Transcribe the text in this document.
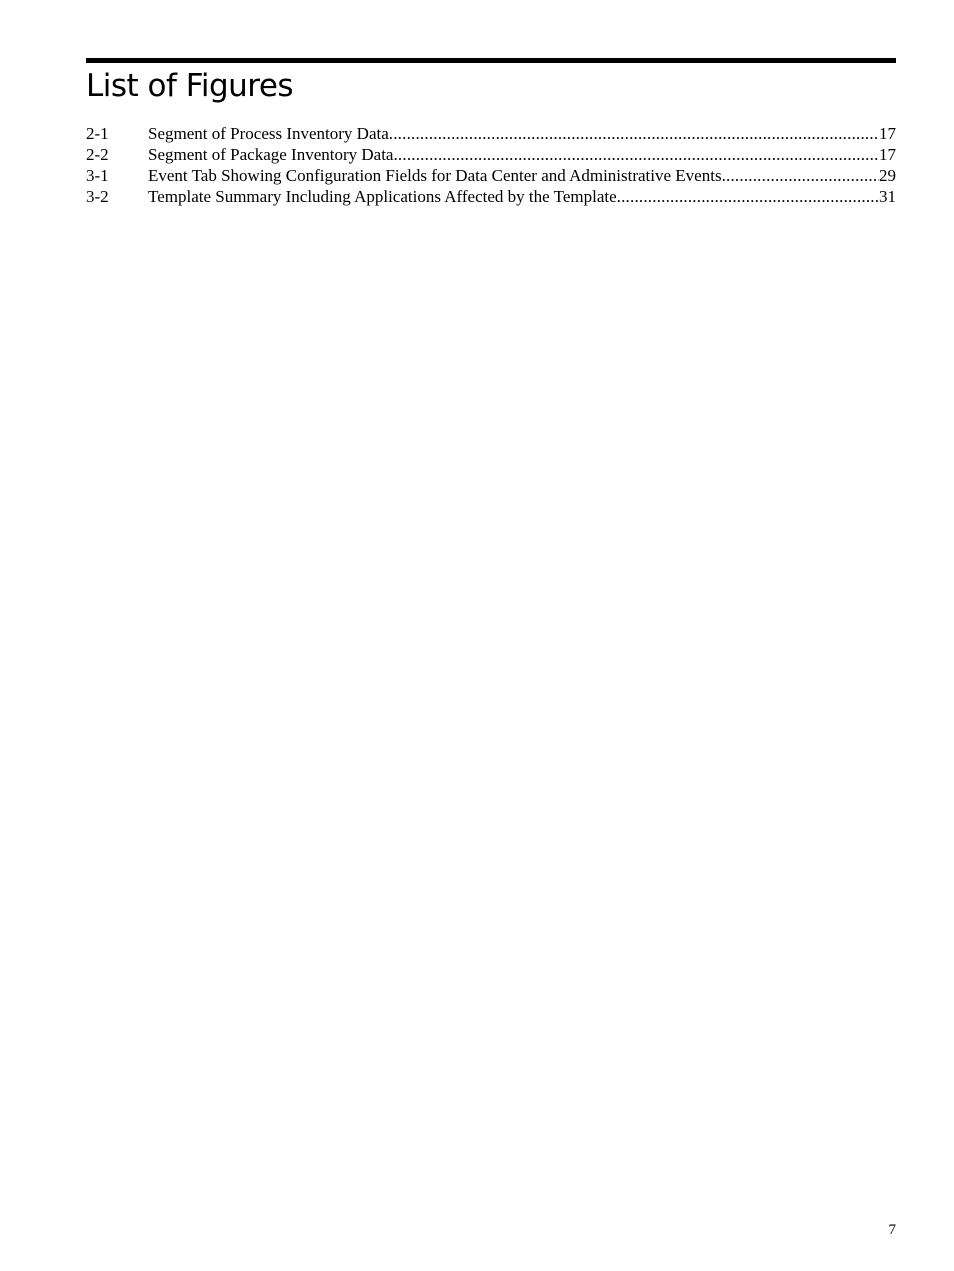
List of Figures
2-1	Segment of Process Inventory Data .....	17
2-2	Segment of Package Inventory Data .....	17
3-1	Event Tab Showing Configuration Fields for Data Center and Administrative Events .....	29
3-2	Template Summary Including Applications Affected by the Template .....	31
7
